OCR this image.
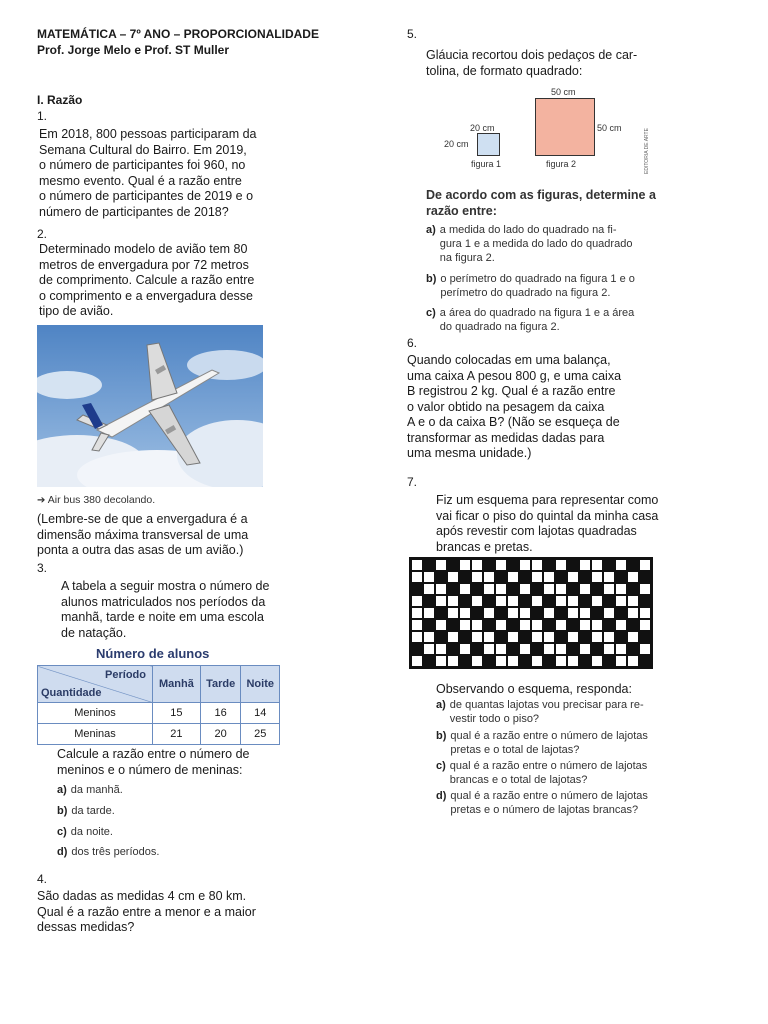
MATEMÁTICA – 7º ANO – PROPORCIONALIDADE
Prof. Jorge Melo e Prof. ST Muller
I. Razão
1.
Em 2018, 800 pessoas participaram da
Semana Cultural do Bairro. Em 2019,
o número de participantes foi 960, no
mesmo evento. Qual é a razão entre
o número de participantes de 2019 e o
número de participantes de 2018?
2.
Determinado modelo de avião tem 80
metros de envergadura por 72 metros
de comprimento. Calcule a razão entre
o comprimento e a envergadura desse
tipo de avião.
➔ Air bus 380 decolando.
(Lembre-se de que a envergadura é a
dimensão máxima transversal de uma
ponta a outra das asas de um avião.)
3.
A tabela a seguir mostra o número de
alunos matriculados nos períodos da
manhã, tarde e noite em uma escola
de natação.
Número de alunos
Período
Quantidade	Manhã	Tarde	Noite
Meninos	15	16	14
Meninas	21	20	25
Calcule a razão entre o número de
meninos e o número de meninas:
a) da manhã.
b) da tarde.
c) da noite.
d) dos três períodos.
4.
São dadas as medidas 4 cm e 80 km.
Qual é a razão entre a menor e a maior
dessas medidas?
5.
Gláucia recortou dois pedaços de car-
tolina, de formato quadrado:
20 cm
20 cm
figura 1
50 cm
50 cm
figura 2	EDITORIA DE ARTE
De acordo com as figuras, determine a
razão entre:
a) a medida do lado do quadrado na fi-
gura 1 e a medida do lado do quadrado
na figura 2.
b) o perímetro do quadrado na figura 1 e o
perímetro do quadrado na figura 2.
c) a área do quadrado na figura 1 e a área
do quadrado na figura 2.
6.
Quando colocadas em uma balança,
uma caixa A pesou 800 g, e uma caixa
B registrou 2 kg. Qual é a razão entre
o valor obtido na pesagem da caixa
A e o da caixa B? (Não se esqueça de
transformar as medidas dadas para
uma mesma unidade.)
7.
Fiz um esquema para representar como
vai ficar o piso do quintal da minha casa
após revestir com lajotas quadradas
brancas e pretas.
Observando o esquema, responda:
a) de quantas lajotas vou precisar para re-
vestir todo o piso?
b) qual é a razão entre o número de lajotas
pretas e o total de lajotas?
c) qual é a razão entre o número de lajotas
brancas e o total de lajotas?
d) qual é a razão entre o número de lajotas
pretas e o número de lajotas brancas?
